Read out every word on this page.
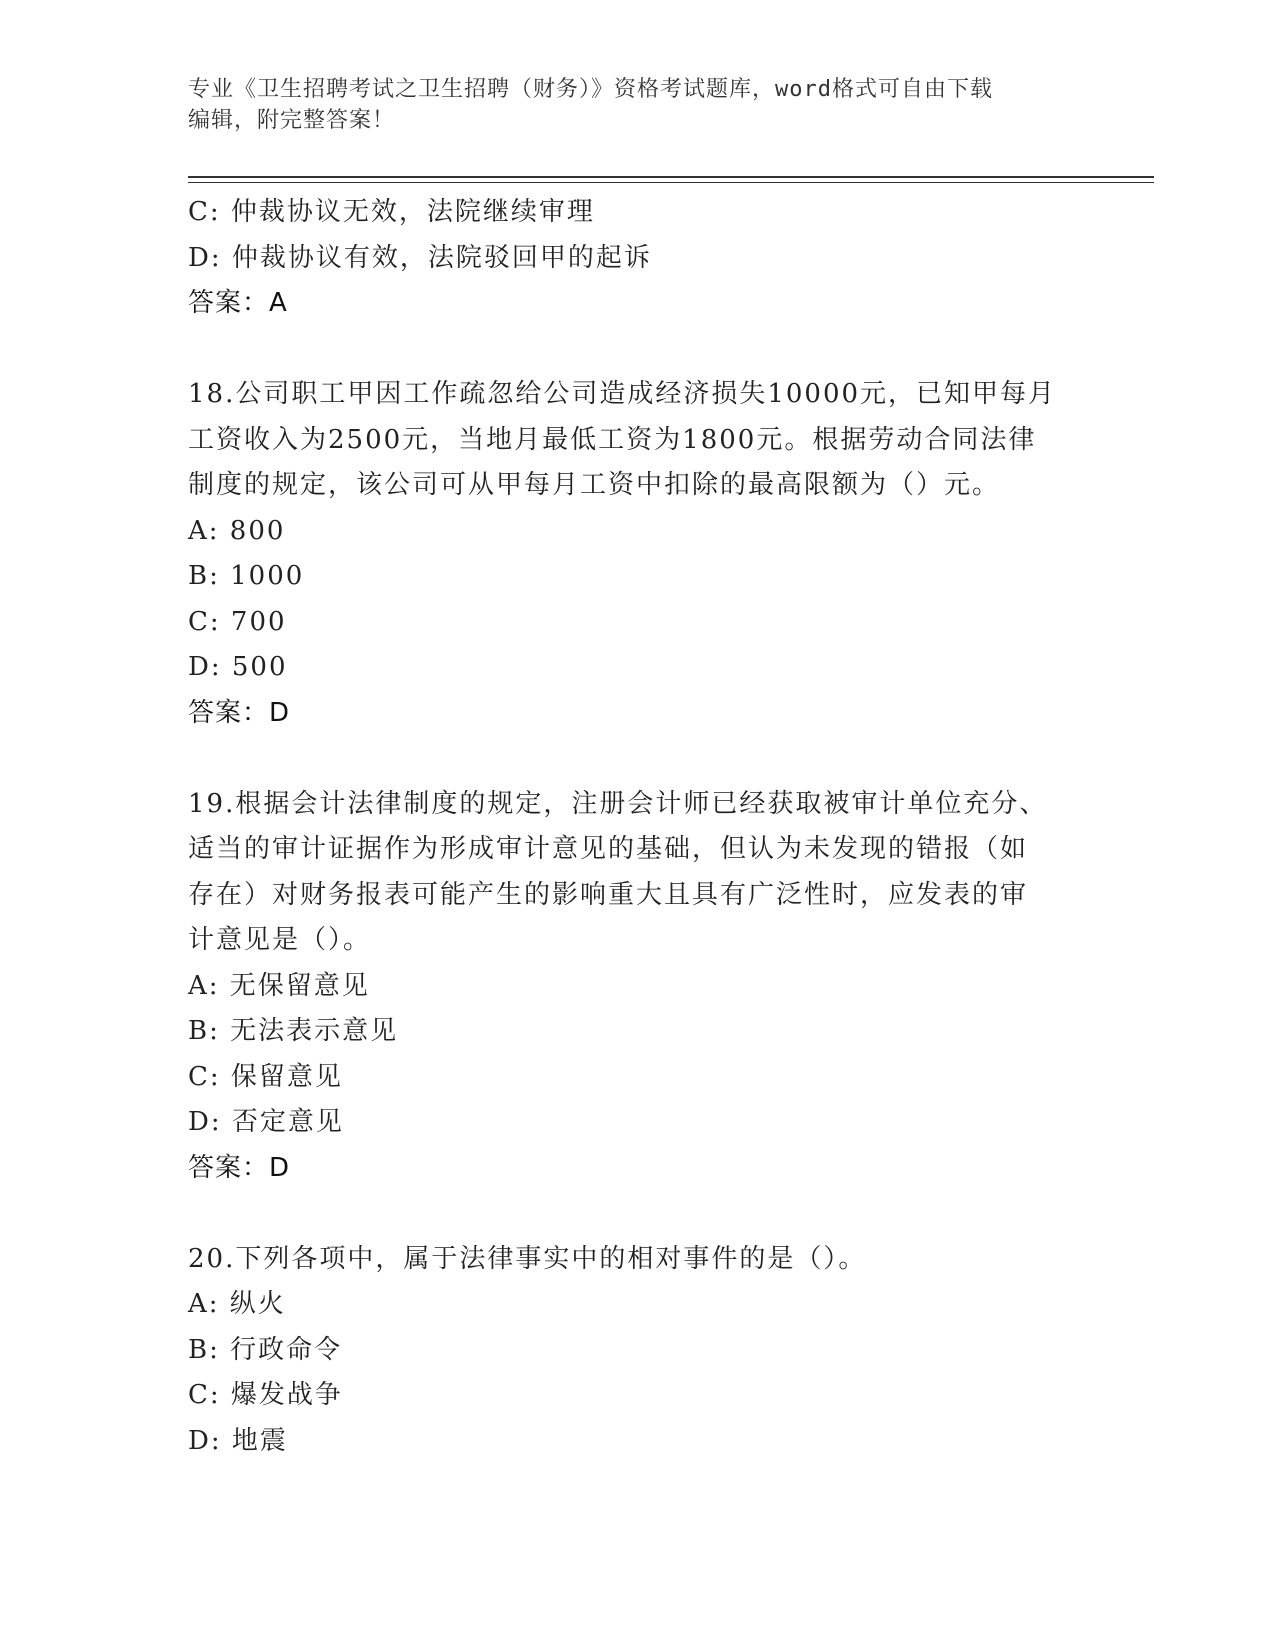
专业《卫生招聘考试之卫生招聘（财务）》资格考试题库，word格式可自由下载
编辑，附完整答案！
C: 仲裁协议无效，法院继续审理
D: 仲裁协议有效，法院驳回甲的起诉
答案：A
18.公司职工甲因工作疏忽给公司造成经济损失10000元，已知甲每月
工资收入为2500元，当地月最低工资为1800元。根据劳动合同法律
制度的规定，该公司可从甲每月工资中扣除的最高限额为（）元。
A: 800
B: 1000
C: 700
D: 500
答案：D
19.根据会计法律制度的规定，注册会计师已经获取被审计单位充分、
适当的审计证据作为形成审计意见的基础，但认为未发现的错报（如
存在）对财务报表可能产生的影响重大且具有广泛性时，应发表的审
计意见是（）。
A: 无保留意见
B: 无法表示意见
C: 保留意见
D: 否定意见
答案：D
20.下列各项中，属于法律事实中的相对事件的是（）。
A: 纵火
B: 行政命令
C: 爆发战争
D: 地震
